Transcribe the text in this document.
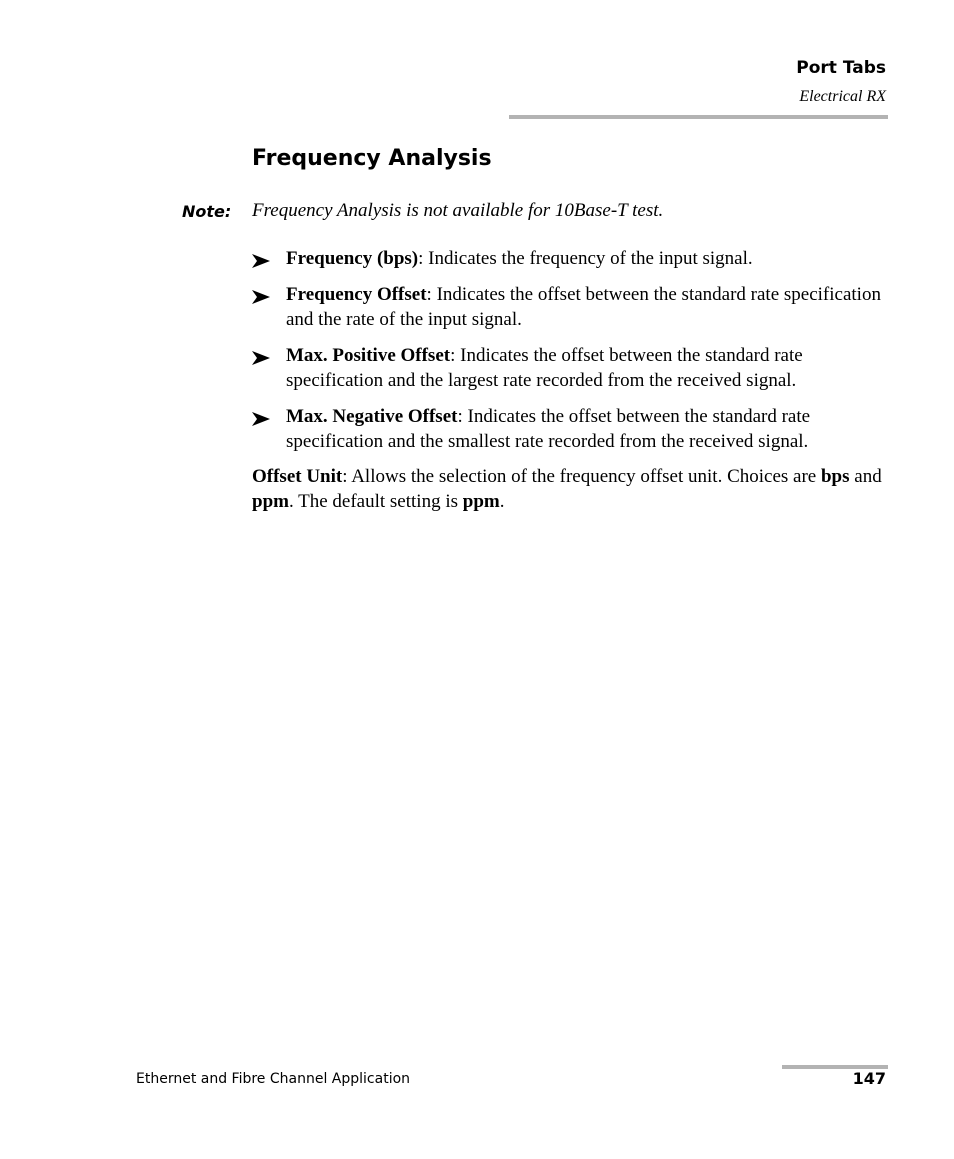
Port Tabs
Electrical RX
Frequency Analysis
Note: Frequency Analysis is not available for 10Base-T test.
Frequency (bps): Indicates the frequency of the input signal.
Frequency Offset: Indicates the offset between the standard rate specification and the rate of the input signal.
Max. Positive Offset: Indicates the offset between the standard rate specification and the largest rate recorded from the received signal.
Max. Negative Offset: Indicates the offset between the standard rate specification and the smallest rate recorded from the received signal.

Offset Unit: Allows the selection of the frequency offset unit. Choices are bps and ppm. The default setting is ppm.

Ethernet and Fibre Channel Application	147
